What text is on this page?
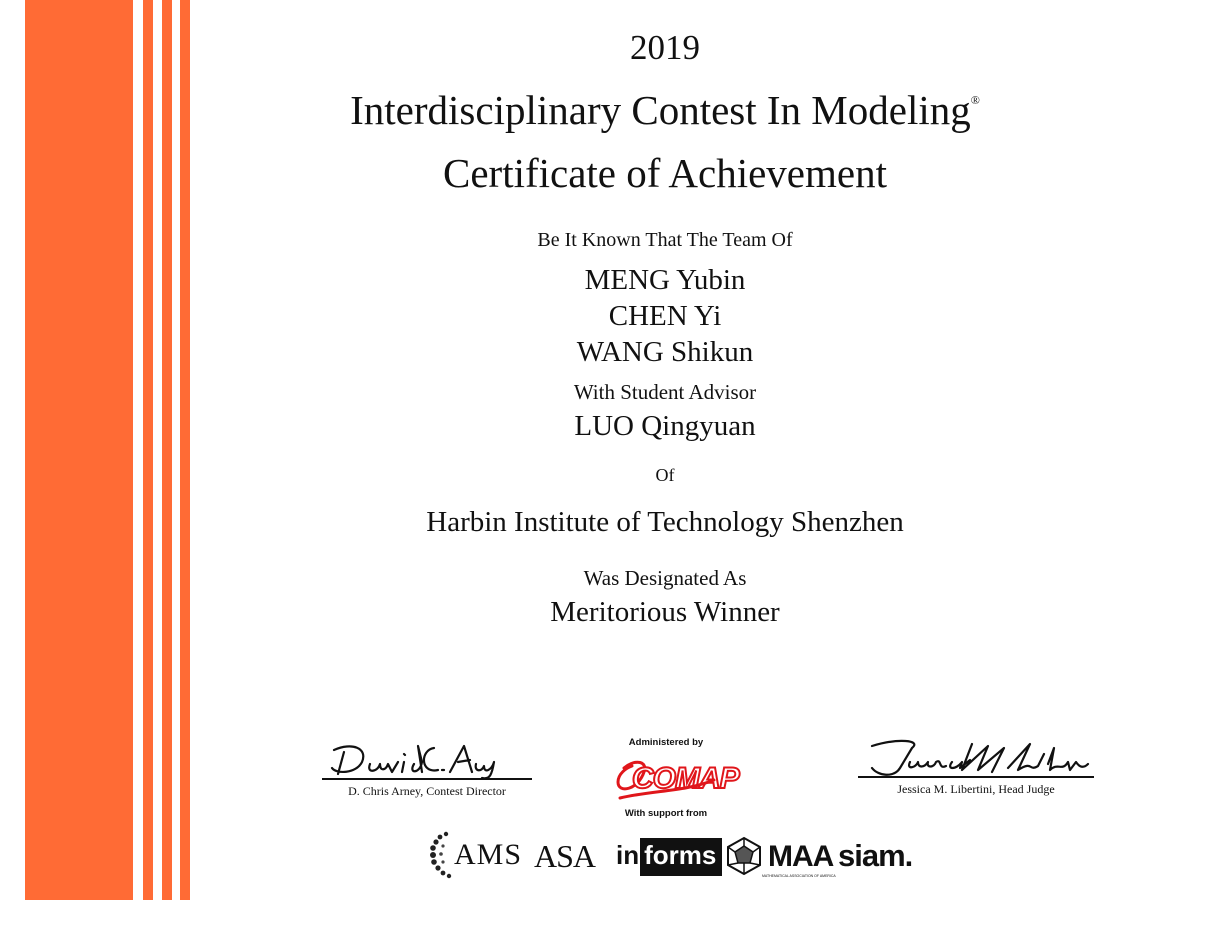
2019
Interdisciplinary Contest In Modeling®
Certificate of Achievement
Be It Known That The Team Of
MENG Yubin
CHEN Yi
WANG Shikun
With Student Advisor
LUO Qingyuan
Of
Harbin Institute of Technology Shenzhen
Was Designated As
Meritorious Winner
D. Chris Arney, Contest Director
Administered by
COMAP
With support from
Jessica M. Libertini, Head Judge
AMS ASA in forms MAA
MATHEMATICAL ASSOCIATION OF AMERICA
siam.
